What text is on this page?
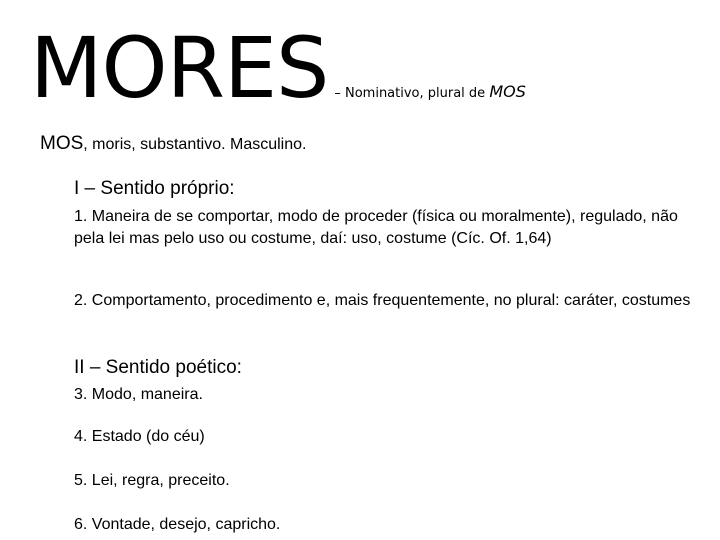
MORES – Nominativo, plural de MOS
MOS, moris, substantivo. Masculino.
I – Sentido próprio:
1. Maneira de se comportar, modo de proceder (física ou moralmente), regulado, não pela lei mas pelo uso ou costume, daí: uso, costume (Cíc. Of. 1,64)
2. Comportamento, procedimento e, mais frequentemente, no plural: caráter, costumes
II – Sentido poético:
3. Modo, maneira.
4. Estado (do céu)
5. Lei, regra, preceito.
6. Vontade, desejo, capricho.
